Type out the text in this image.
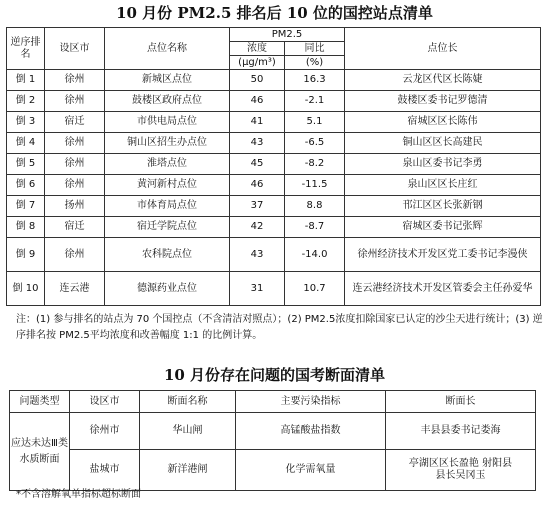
10 月份 PM2.5 排名后 10 位的国控站点清单
逆序排名	设区市	点位名称	PM2.5		点位长
			浓度	同比	
			(μg/m³)	(%)	
倒 1	徐州	新城区点位	50	16.3	云龙区代区长陈婕
倒 2	徐州	鼓楼区政府点位	46	-2.1	鼓楼区委书记罗德清
倒 3	宿迁	市供电局点位	41	5.1	宿城区区长陈伟
倒 4	徐州	铜山区招生办点位	43	-6.5	铜山区区长高建民
倒 5	徐州	淮塔点位	45	-8.2	泉山区委书记李勇
倒 6	徐州	黄河新村点位	46	-11.5	泉山区区长庄红
倒 7	扬州	市体育局点位	37	8.8	邗江区区长张新钢
倒 8	宿迁	宿迁学院点位	42	-8.7	宿城区委书记张辉
倒 9	徐州	农科院点位	43	-14.0	徐州经济技术开发区党工委书记李漫侠
倒 10	连云港	德源药业点位	31	10.7	连云港经济技术开发区管委会主任孙爱华
注：(1) 参与排名的站点为 70 个国控点（不含清洁对照点）；(2) PM2.5浓度扣除国家已认定的沙尘天进行统计；(3) 逆序排名按 PM2.5平均浓度和改善幅度 1:1 的比例计算。
10 月份存在问题的国考断面清单
问题类型	设区市	断面名称	主要污染指标	断面长
应达未达Ⅲ类水质断面	徐州市	华山闸	高锰酸盐指数	丰县县委书记娄海
	盐城市	新洋港闸	化学需氧量	亭湖区区长盈艳 射阳县县长吴冈玉
*不含溶解氧单指标超标断面
